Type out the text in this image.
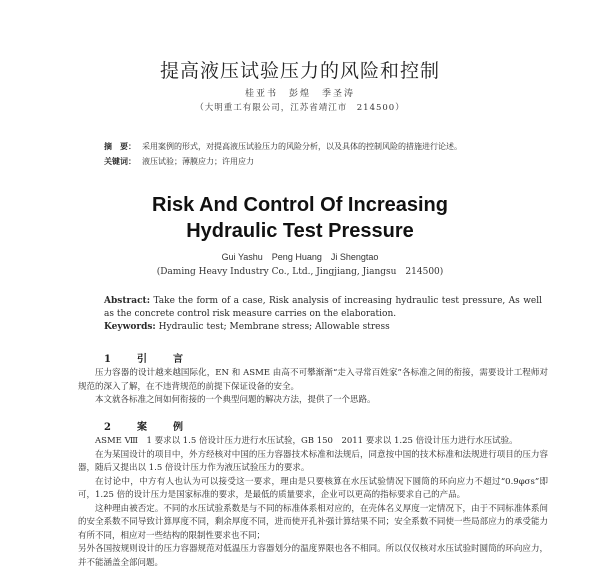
提高液压试验压力的风险和控制
桂亚书　彭煌　季圣涛
（大明重工有限公司，江苏省靖江市　214500）
摘　要： 采用案例的形式，对提高液压试验压力的风险分析，以及具体的控制风险的措施进行论述。
关键词： 液压试验；薄膜应力；许用应力
Risk And Control Of Increasing
Hydraulic Test Pressure
Gui Yashu　Peng Huang　Ji Shengtao
(Daming Heavy Industry Co., Ltd., Jingjiang, Jiangsu　214500)
Abstract: Take the form of a case, Risk analysis of increasing hydraulic test pressure, As well as the concrete control risk measure carries on the elaboration.
Keywords: Hydraulic test; Membrane stress; Allowable stress
1　引　言

压力容器的设计越来越国际化，EN 和 ASME 由高不可攀渐渐“走入寻常百姓家”各标准之间的衔接，需要设计工程师对规范的深入了解，在不违背规范的前提下保证设备的安全。

本文就各标准之间如何衔接的一个典型问题的解决方法，提供了一个思路。

2　案　例

ASME Ⅷ　1 要求以 1.5 倍设计压力进行水压试验，GB 150　2011 要求以 1.25 倍设计压力进行水压试验。

在为某国设计的项目中，外方经核对中国的压力容器技术标准和法规后，同意按中国的技术标准和法规进行项目的压力容器，随后又提出以 1.5 倍设计压力作为液压试验压力的要求。

在讨论中，中方有人也认为可以接受这一要求，理由是只要核算在水压试验情况下圆筒的环向应力不超过“0.9φσs”即可，1.25 倍的设计压力是国家标准的要求，是最低的质量要求，企业可以更高的指标要求自己的产品。

这种理由被否定。不同的水压试验系数是与不同的标准体系相对应的，在壳体名义厚度一定情况下，由于不同标准体系间的安全系数不同导致计算厚度不同，剩余厚度不同，进而使开孔补强计算结果不同；安全系数不同使一些局部应力的承受能力有所不同，相应对一些结构的限制性要求也不同；

另外各国按规则设计的压力容器规范对低温压力容器划分的温度界限也各不相同。所以仅仅核对水压试验时圆筒的环向应力，并不能涵盖全部问题。
